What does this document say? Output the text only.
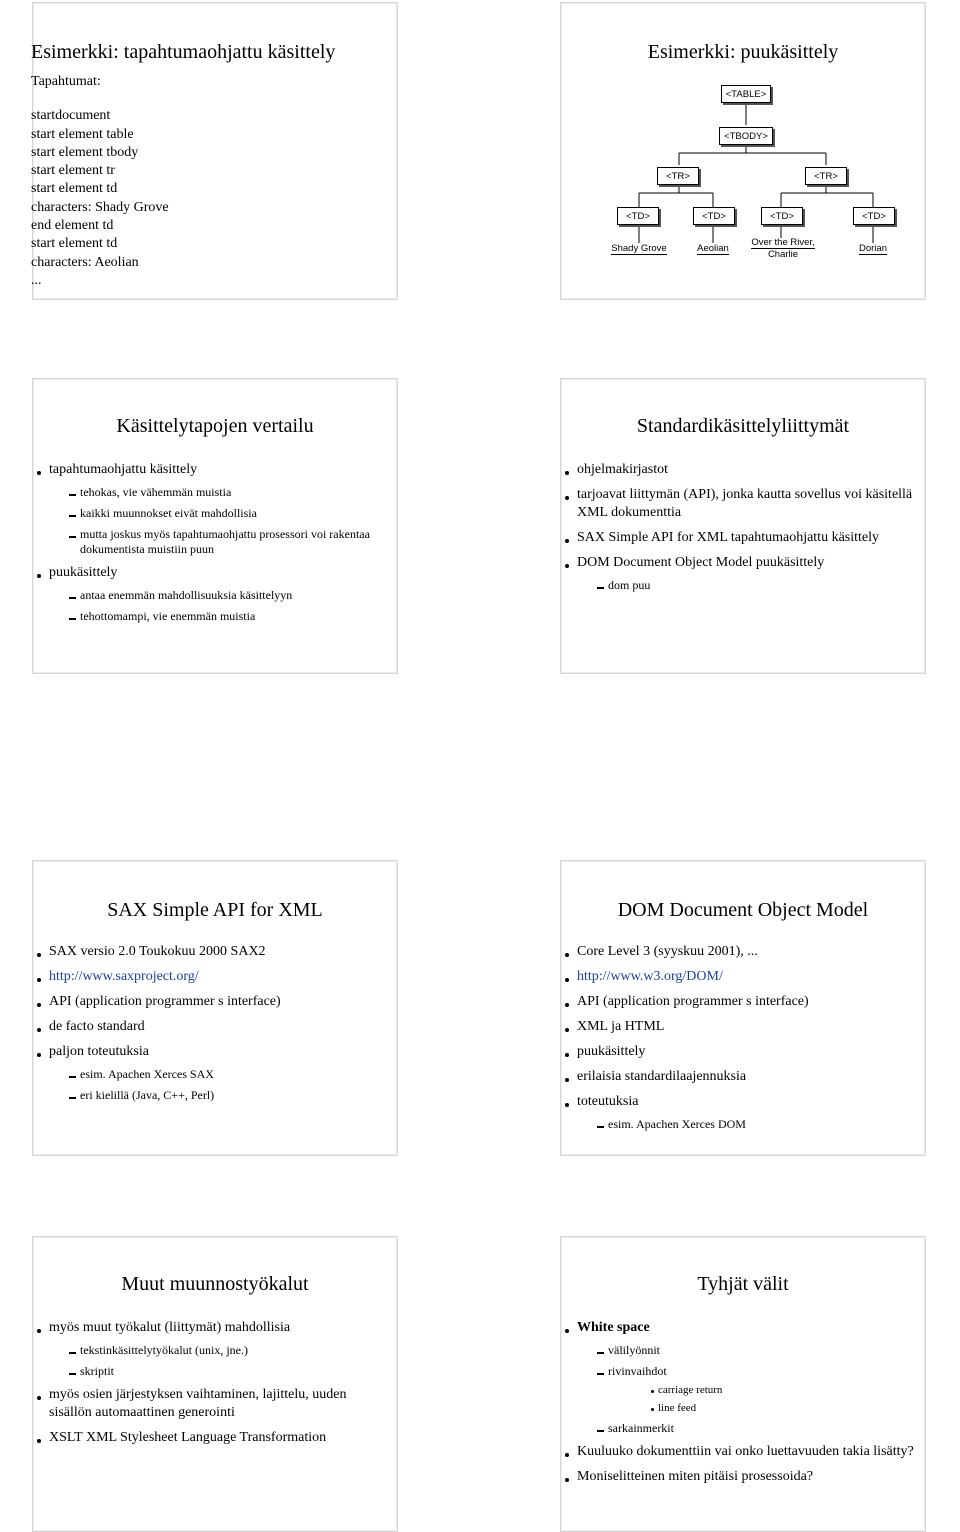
Esimerkki: tapahtumaohjattu käsittely
Tapahtumat:
startdocument
start element table
start element tbody
start element tr
start element td
characters: Shady Grove
end element td
start element td
characters: Aeolian
...
Esimerkki: puukäsittely
<TABLE>
<TBODY>
<TR>	<TR>
<TD>	<TD>	<TD>	<TD>
Shady Grove	Aeolian
Over the River,
Charlie
Dorian
Käsittelytapojen vertailu
tapahtumaohjattu käsittely
tehokas, vie vähemmän muistia
kaikki muunnokset eivät mahdollisia
mutta joskus myös tapahtumaohjattu prosessori voi rakentaa dokumentista muistiin puun
puukäsittely
antaa enemmän mahdollisuuksia käsittelyyn
tehottomampi, vie enemmän muistia
Standardikäsittelyliittymät
ohjelmakirjastot
tarjoavat liittymän (API), jonka kautta sovellus voi käsitellä XML dokumenttia
SAX Simple API for XML tapahtumaohjattu käsittely
DOM Document Object Model puukäsittely
dom puu
SAX Simple API for XML
SAX versio 2.0 Toukokuu 2000 SAX2
http://www.saxproject.org/
API (application programmer s interface)
de facto standard
paljon toteutuksia
esim. Apachen Xerces SAX
eri kielillä (Java, C++, Perl)
DOM Document Object Model
Core Level 3 (syyskuu 2001), ...
http://www.w3.org/DOM/
API (application programmer s interface)
XML ja HTML
puukäsittely
erilaisia standardilaajennuksia
toteutuksia
esim. Apachen Xerces DOM
Muut muunnostyökalut
myös muut työkalut (liittymät) mahdollisia
tekstinkäsittelytyökalut (unix, jne.)
skriptit
myös osien järjestyksen vaihtaminen, lajittelu, uuden sisällön automaattinen generointi
XSLT XML Stylesheet Language Transformation
Tyhjät välit
White space
välilyönnit
rivinvaihdot
carriage return
line feed
sarkainmerkit
Kuuluuko dokumenttiin vai onko luettavuuden takia lisätty?
Moniselitteinen miten pitäisi prosessoida?
